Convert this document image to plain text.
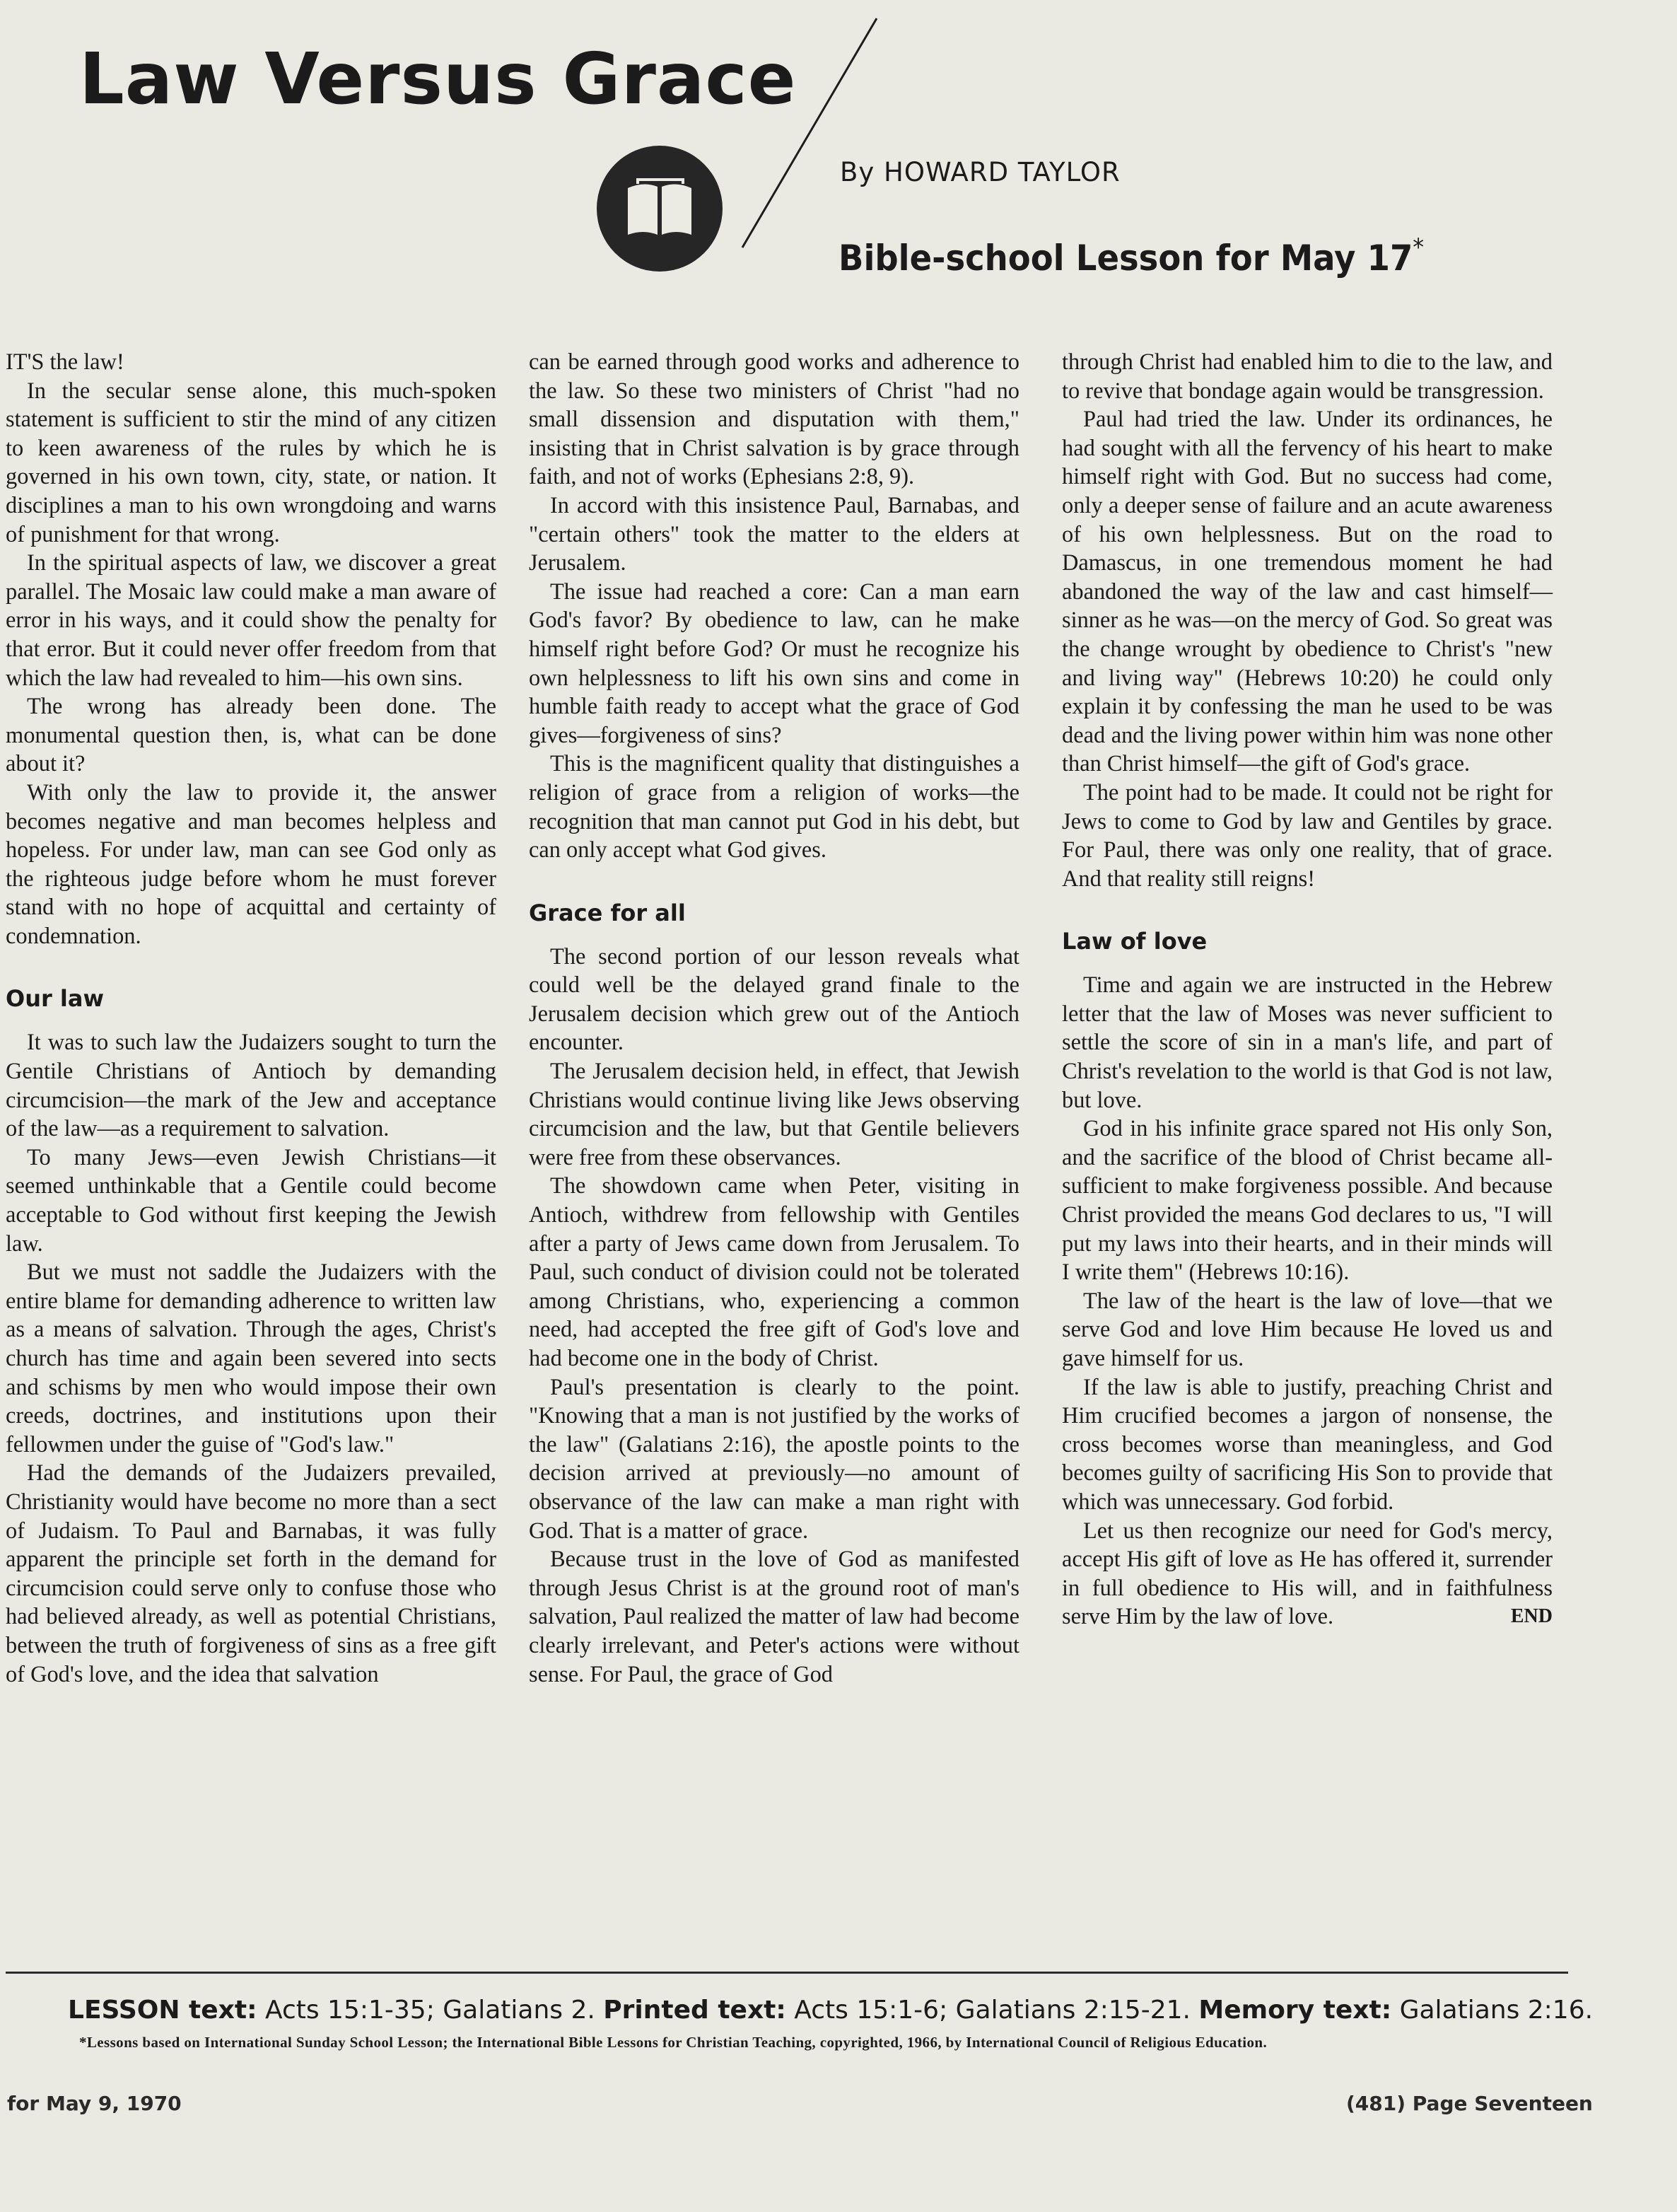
Law Versus Grace
By HOWARD TAYLOR
Bible-school Lesson for May 17*

IT'S the law!

In the secular sense alone, this much-spoken statement is sufficient to stir the mind of any citizen to keen awareness of the rules by which he is governed in his own town, city, state, or nation. It disciplines a man to his own wrongdoing and warns of punishment for that wrong.

In the spiritual aspects of law, we discover a great parallel. The Mosaic law could make a man aware of error in his ways, and it could show the penalty for that error. But it could never offer freedom from that which the law had revealed to him—his own sins.

The wrong has already been done. The monumental question then, is, what can be done about it?

With only the law to provide it, the answer becomes negative and man becomes helpless and hopeless. For under law, man can see God only as the righteous judge before whom he must forever stand with no hope of acquittal and certainty of condemnation.

Our law

It was to such law the Judaizers sought to turn the Gentile Christians of Antioch by demanding circumcision—the mark of the Jew and acceptance of the law—as a requirement to salvation.

To many Jews—even Jewish Christians—it seemed unthinkable that a Gentile could become acceptable to God without first keeping the Jewish law.

But we must not saddle the Judaizers with the entire blame for demanding adherence to written law as a means of salvation. Through the ages, Christ's church has time and again been severed into sects and schisms by men who would impose their own creeds, doctrines, and institutions upon their fellowmen under the guise of "God's law."

Had the demands of the Judaizers prevailed, Christianity would have become no more than a sect of Judaism. To Paul and Barnabas, it was fully apparent the principle set forth in the demand for circumcision could serve only to confuse those who had believed already, as well as potential Christians, between the truth of forgiveness of sins as a free gift of God's love, and the idea that salvation

can be earned through good works and adherence to the law. So these two ministers of Christ "had no small dissension and disputation with them," insisting that in Christ salvation is by grace through faith, and not of works (Ephesians 2:8, 9).

In accord with this insistence Paul, Barnabas, and "certain others" took the matter to the elders at Jerusalem.

The issue had reached a core: Can a man earn God's favor? By obedience to law, can he make himself right before God? Or must he recognize his own helplessness to lift his own sins and come in humble faith ready to accept what the grace of God gives—forgiveness of sins?

This is the magnificent quality that distinguishes a religion of grace from a religion of works—the recognition that man cannot put God in his debt, but can only accept what God gives.

Grace for all

The second portion of our lesson reveals what could well be the delayed grand finale to the Jerusalem decision which grew out of the Antioch encounter.

The Jerusalem decision held, in effect, that Jewish Christians would continue living like Jews observing circumcision and the law, but that Gentile believers were free from these observances.

The showdown came when Peter, visiting in Antioch, withdrew from fellowship with Gentiles after a party of Jews came down from Jerusalem. To Paul, such conduct of division could not be tolerated among Christians, who, experiencing a common need, had accepted the free gift of God's love and had become one in the body of Christ.

Paul's presentation is clearly to the point. "Knowing that a man is not justified by the works of the law" (Galatians 2:16), the apostle points to the decision arrived at previously—no amount of observance of the law can make a man right with God. That is a matter of grace.

Because trust in the love of God as manifested through Jesus Christ is at the ground root of man's salvation, Paul realized the matter of law had become clearly irrelevant, and Peter's actions were without sense. For Paul, the grace of God

through Christ had enabled him to die to the law, and to revive that bondage again would be transgression.

Paul had tried the law. Under its ordinances, he had sought with all the fervency of his heart to make himself right with God. But no success had come, only a deeper sense of failure and an acute awareness of his own helplessness. But on the road to Damascus, in one tremendous moment he had abandoned the way of the law and cast himself—sinner as he was—on the mercy of God. So great was the change wrought by obedience to Christ's "new and living way" (Hebrews 10:20) he could only explain it by confessing the man he used to be was dead and the living power within him was none other than Christ himself—the gift of God's grace.

The point had to be made. It could not be right for Jews to come to God by law and Gentiles by grace. For Paul, there was only one reality, that of grace. And that reality still reigns!

Law of love

Time and again we are instructed in the Hebrew letter that the law of Moses was never sufficient to settle the score of sin in a man's life, and part of Christ's revelation to the world is that God is not law, but love.

God in his infinite grace spared not His only Son, and the sacrifice of the blood of Christ became all-sufficient to make forgiveness possible. And because Christ provided the means God declares to us, "I will put my laws into their hearts, and in their minds will I write them" (Hebrews 10:16).

The law of the heart is the law of love—that we serve God and love Him because He loved us and gave himself for us.

If the law is able to justify, preaching Christ and Him crucified becomes a jargon of nonsense, the cross becomes worse than meaningless, and God becomes guilty of sacrificing His Son to provide that which was unnecessary. God forbid.

Let us then recognize our need for God's mercy, accept His gift of love as He has offered it, surrender in full obedience to His will, and in faithfulness serve Him by the law of love.	END

LESSON text: Acts 15:1-35; Galatians 2. Printed text: Acts 15:1-6; Galatians 2:15-21. Memory text: Galatians 2:16.
*Lessons based on International Sunday School Lesson; the International Bible Lessons for Christian Teaching, copyrighted, 1966, by International Council of Religious Education.
for May 9, 1970	(481) Page Seventeen
